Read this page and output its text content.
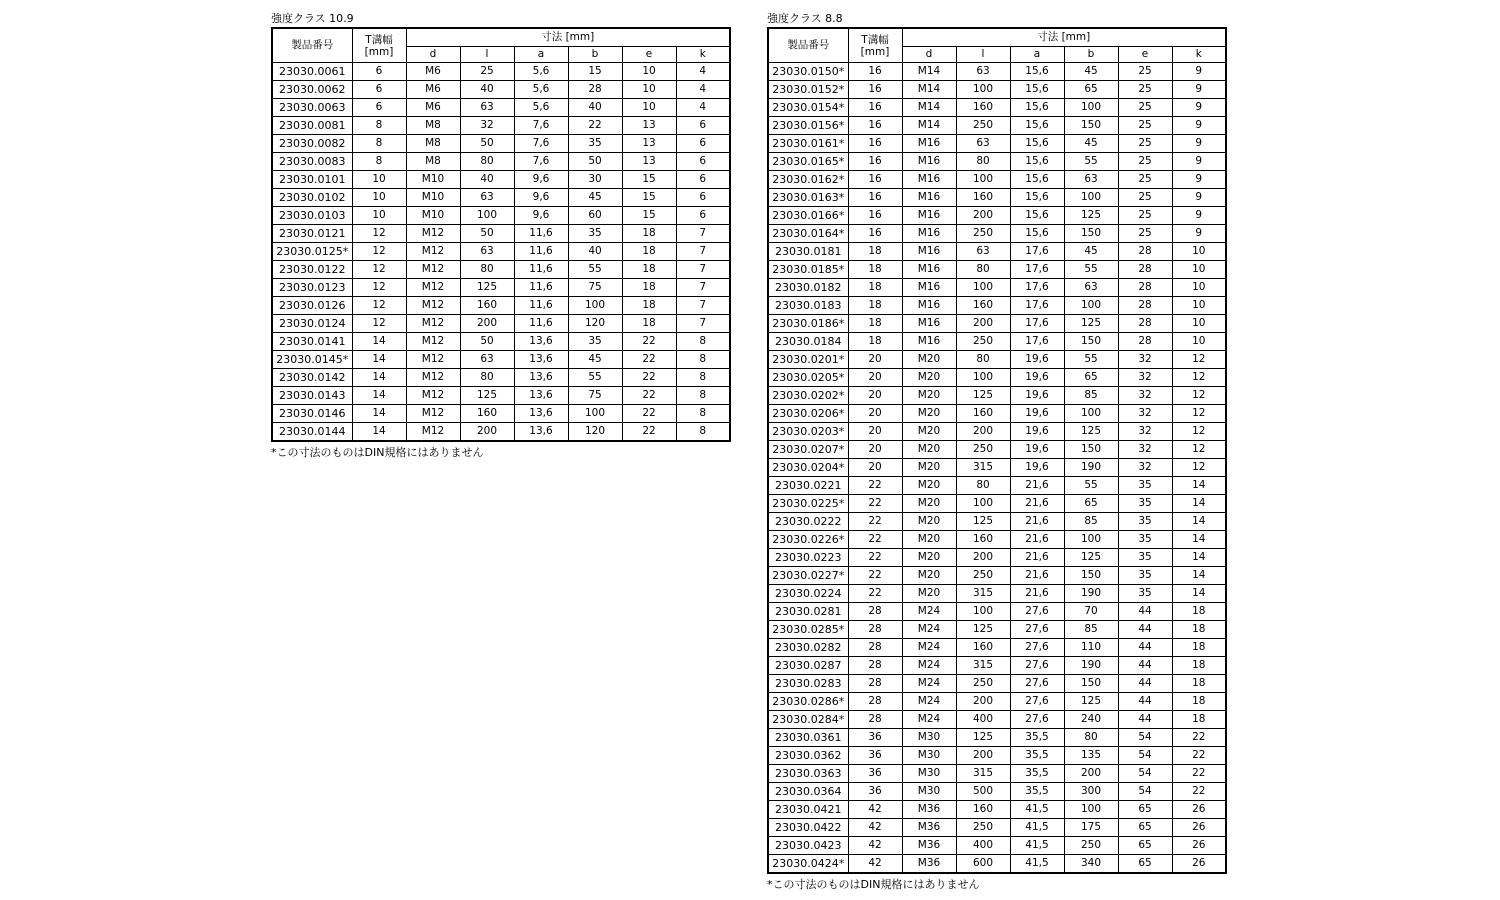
強度クラス 10.9
製品番号	T溝幅
[mm]	寸法 [mm]					
		d	l	a	b	e	k
23030.0061	6	M6	25	5,6	15	10	4
23030.0062	6	M6	40	5,6	28	10	4
23030.0063	6	M6	63	5,6	40	10	4
23030.0081	8	M8	32	7,6	22	13	6
23030.0082	8	M8	50	7,6	35	13	6
23030.0083	8	M8	80	7,6	50	13	6
23030.0101	10	M10	40	9,6	30	15	6
23030.0102	10	M10	63	9,6	45	15	6
23030.0103	10	M10	100	9,6	60	15	6
23030.0121	12	M12	50	11,6	35	18	7
23030.0125*	12	M12	63	11,6	40	18	7
23030.0122	12	M12	80	11,6	55	18	7
23030.0123	12	M12	125	11,6	75	18	7
23030.0126	12	M12	160	11,6	100	18	7
23030.0124	12	M12	200	11,6	120	18	7
23030.0141	14	M12	50	13,6	35	22	8
23030.0145*	14	M12	63	13,6	45	22	8
23030.0142	14	M12	80	13,6	55	22	8
23030.0143	14	M12	125	13,6	75	22	8
23030.0146	14	M12	160	13,6	100	22	8
23030.0144	14	M12	200	13,6	120	22	8
*この寸法のものはDIN規格にはありません
強度クラス 8.8
製品番号	T溝幅
[mm]	寸法 [mm]					
		d	l	a	b	e	k
23030.0150*	16	M14	63	15,6	45	25	9
23030.0152*	16	M14	100	15,6	65	25	9
23030.0154*	16	M14	160	15,6	100	25	9
23030.0156*	16	M14	250	15,6	150	25	9
23030.0161*	16	M16	63	15,6	45	25	9
23030.0165*	16	M16	80	15,6	55	25	9
23030.0162*	16	M16	100	15,6	63	25	9
23030.0163*	16	M16	160	15,6	100	25	9
23030.0166*	16	M16	200	15,6	125	25	9
23030.0164*	16	M16	250	15,6	150	25	9
23030.0181	18	M16	63	17,6	45	28	10
23030.0185*	18	M16	80	17,6	55	28	10
23030.0182	18	M16	100	17,6	63	28	10
23030.0183	18	M16	160	17,6	100	28	10
23030.0186*	18	M16	200	17,6	125	28	10
23030.0184	18	M16	250	17,6	150	28	10
23030.0201*	20	M20	80	19,6	55	32	12
23030.0205*	20	M20	100	19,6	65	32	12
23030.0202*	20	M20	125	19,6	85	32	12
23030.0206*	20	M20	160	19,6	100	32	12
23030.0203*	20	M20	200	19,6	125	32	12
23030.0207*	20	M20	250	19,6	150	32	12
23030.0204*	20	M20	315	19,6	190	32	12
23030.0221	22	M20	80	21,6	55	35	14
23030.0225*	22	M20	100	21,6	65	35	14
23030.0222	22	M20	125	21,6	85	35	14
23030.0226*	22	M20	160	21,6	100	35	14
23030.0223	22	M20	200	21,6	125	35	14
23030.0227*	22	M20	250	21,6	150	35	14
23030.0224	22	M20	315	21,6	190	35	14
23030.0281	28	M24	100	27,6	70	44	18
23030.0285*	28	M24	125	27,6	85	44	18
23030.0282	28	M24	160	27,6	110	44	18
23030.0287	28	M24	315	27,6	190	44	18
23030.0283	28	M24	250	27,6	150	44	18
23030.0286*	28	M24	200	27,6	125	44	18
23030.0284*	28	M24	400	27,6	240	44	18
23030.0361	36	M30	125	35,5	80	54	22
23030.0362	36	M30	200	35,5	135	54	22
23030.0363	36	M30	315	35,5	200	54	22
23030.0364	36	M30	500	35,5	300	54	22
23030.0421	42	M36	160	41,5	100	65	26
23030.0422	42	M36	250	41,5	175	65	26
23030.0423	42	M36	400	41,5	250	65	26
23030.0424*	42	M36	600	41,5	340	65	26
*この寸法のものはDIN規格にはありません
